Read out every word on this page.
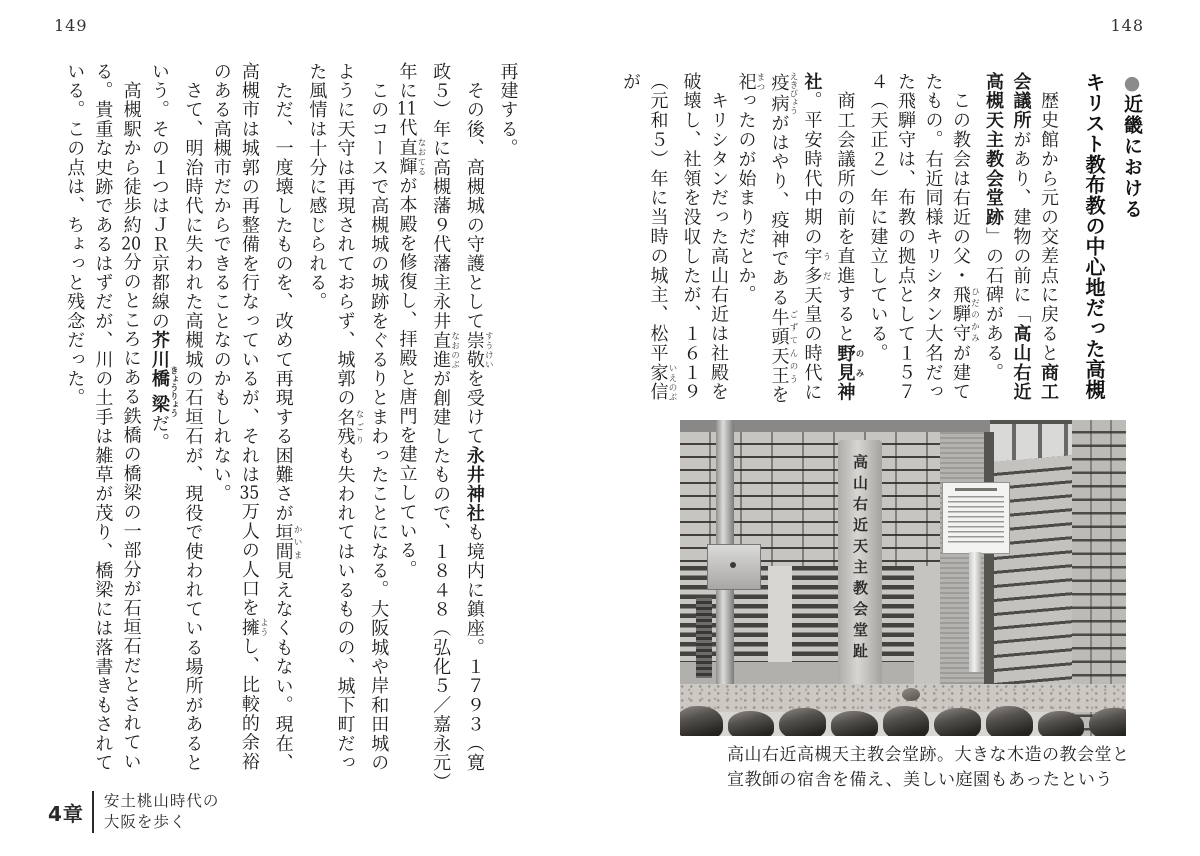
149	148
●近畿における
キリスト教布教の中心地だった高槻

　歴史館から元の交差点に戻ると商工

会議所があり、建物の前に「高山右近

高槻天主教会堂跡」の石碑がある。

　この教会は右近の父・飛騨守ひだのかみが建て

たもの。右近同様キリシタン大名だっ

た飛騨守は、布教の拠点として１５７

４（天正２）年に建立している。

　商工会議所の前を直進すると野見のみ神

社。平安時代中期の宇多うだ天皇の時代に

疫病えきびょうがはやり、疫神である牛頭天王ごずてんのうを

祀まつったのが始まりだとか。

　キリシタンだった高山右近は社殿を

破壊し、社領を没収したが、１６１９

（元和５）年に当時の城主、松平家信いえのぶが

高山右近天主教会堂趾
高山右近高槻天主教会堂跡。大きな木造の教会堂と
宣教師の宿舎を備え、美しい庭園もあったという

再建する。

　その後、高槻城の守護として崇敬すうけいを受けて永井神社も境内に鎮座。１７９３（寛

政５）年に高槻藩９代藩主永井直進なおのぶが創建したもので、１８４８（弘化５／嘉永元）

年に11代直輝なおてるが本殿を修復し、拝殿と唐門を建立している。

　このコースで高槻城の城跡をぐるりとまわったことになる。大阪城や岸和田城の

ように天守は再現されておらず、城郭の名残なごりも失われてはいるものの、城下町だっ

た風情は十分に感じられる。

　ただ、一度壊したものを、改めて再現する困難さが垣間かいま見えなくもない。現在、

高槻市は城郭の再整備を行なっているが、それは35万人の人口を擁ようし、比較的余裕

のある高槻市だからできることなのかもしれない。

　さて、明治時代に失われた高槻城の石垣石が、現役で使われている場所があると

いう。その１つはＪＲ京都線の芥川橋梁きょうりょうだ。

　高槻駅から徒歩約20分のところにある鉄橋の橋梁の一部分が石垣石だとされてい

る。貴重な史跡であるはずだが、川の土手は雑草が茂り、橋梁には落書きもされて

いる。この点は、ちょっと残念だった。

4章
安土桃山時代の
大阪を歩く
